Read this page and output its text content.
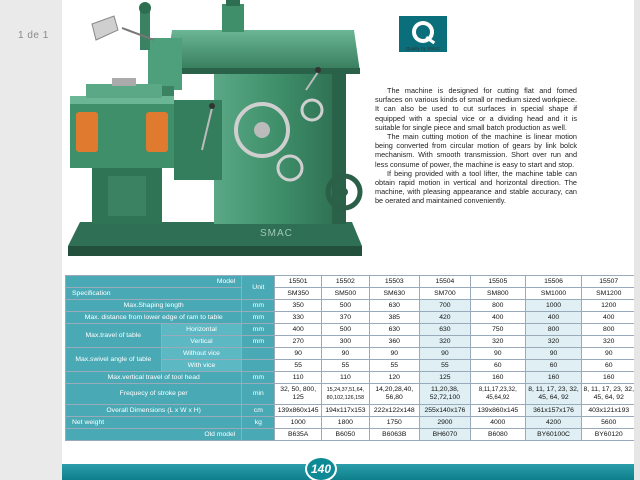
1 de 1
SMAC
Quality by SMAC

The machine is designed for cutting flat and fomed surfaces on various kinds of small or medium sized workpiece. It can also be used to cut surfaces in special shape if equipped with a special vice or a dividing head and it is suitable for single piece and small batch production as well.

The main cutting motion of the machine is linear motion being converted from circular motion of gears by link bolck mechanism. With smooth transmission. Short over run and less consume of power, the machine is easy to start and stop.

If being provided with a tool lifter, the machine table can obtain rapid motion in vertical and horizontal direction. The machine, with pleasing appearance and stable accuracy, can be oerated and maintained conveniently.

Model		Unit	15501	15502	15503	15504	15505	15506	15507
Specification			SM350	SM500	SM630	SM700	SM800	SM1000	SM1200
Max.Shaping length		mm	350	500	630	700	800	1000	1200
Max. distance from lower edge of ram to table		mm	330	370	385	420	400	400	400
Max.travel of table	Horizontal	mm	400	500	630	630	750	800	800
	Vertical	mm	270	300	360	320	320	320	320
Max.swivel angle of table	Without vice		90	90	90	90	90	90	90
	With vice		55	55	55	55	60	60	60
Max.vertical travel of tool head		mm	110	110	120	125	160	160	160
Frequecy of stroke per		min	32, 50, 800, 125	15,24,37,51,64, 80,102,126,158	14,20,28,40, 56,80	11,20,38, 52,72,100	8,11,17,23,32, 45,64,92	8, 11, 17, 23, 32, 45, 64, 92	8, 11, 17, 23, 32, 45, 64, 92
Overall Dimensions (L x W x H)		cm	139x860x145	194x117x153	222x122x148	255x140x176	139x860x145	361x157x176	403x121x193
Net weight		kg	1000	1800	1750	2900	4000	4200	5600
Old model			B635A	B6050	B6063B	BH6070	B6080	BY60100C	BY60120
140
